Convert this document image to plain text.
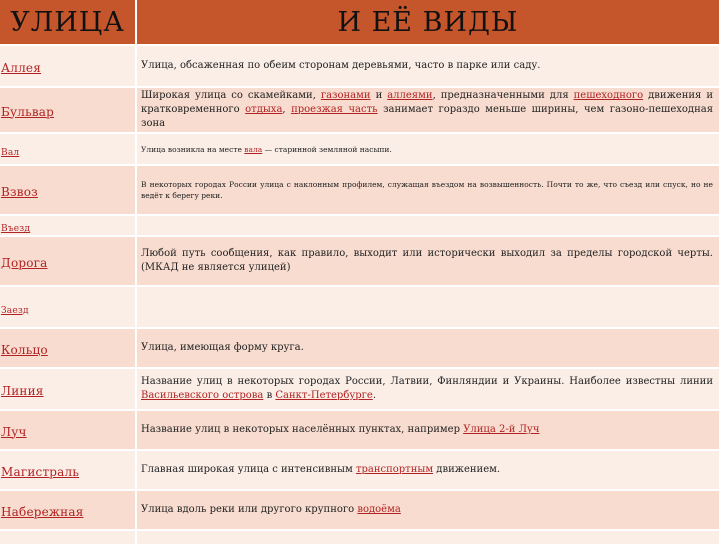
УЛИЦА	И ЕЁ ВИДЫ
Аллея	Улица, обсаженная по обеим сторонам деревьями, часто в парке или саду.

Бульвар	Широкая улица со скамейками, газонами и аллеями, предназначенными для пешеходного движения и кратковременного отдыха, проезжая часть занимает гораздо меньше ширины, чем газоно-пешеходная зона

Вал	Улица возникла на месте вала — старинной земляной насыпи.

Взвоз	В некоторых городах России улица с наклонным профилем, служащая въездом на возвышенность. Почти то же, что съезд или спуск, но не ведёт к берегу реки.

Въезд	
Дорога	Любой путь сообщения, как правило, выходит или исторически выходил за пределы городской черты. (МКАД не является улицей)

Заезд	
Кольцо	Улица, имеющая форму круга.

Линия	Название улиц в некоторых городах России, Латвии, Финляндии и Украины. Наиболее известны линии Васильевского острова в Санкт-Петербурге.

Луч	Название улиц в некоторых населённых пунктах, например Улица 2-й Луч

Магистраль	Главная широкая улица с интенсивным транспортным движением.

Набережная	Улица вдоль реки или другого крупного водоёма
